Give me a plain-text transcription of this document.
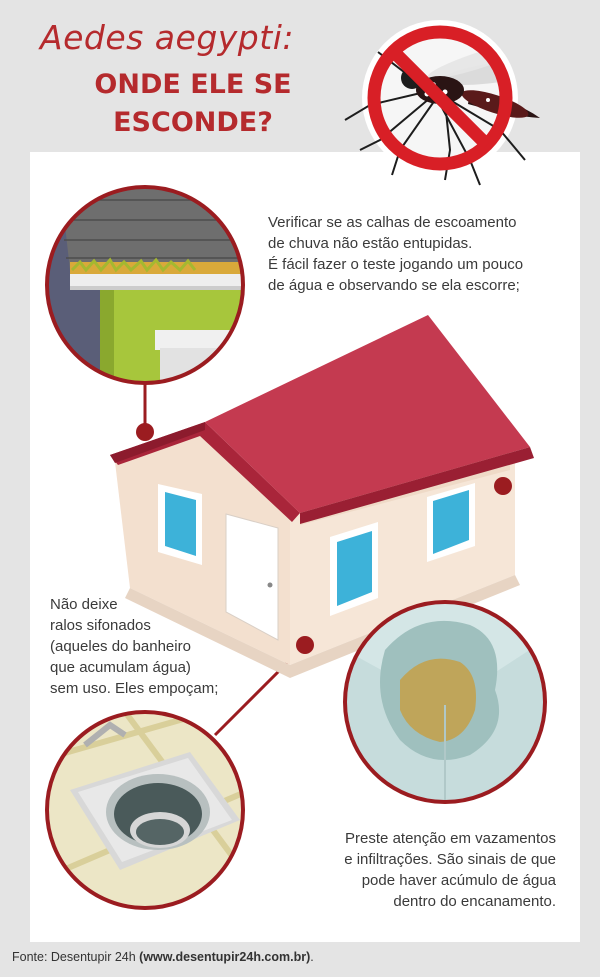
Aedes aegypti:
ONDE ELE SE
ESCONDE?

Verificar se as calhas de escoamento
de chuva não estão entupidas.
É fácil fazer o teste jogando um pouco
de água e observando se ela escorre;

Não deixe
ralos sifonados
(aqueles do banheiro
que acumulam água)
sem uso. Eles empoçam;

Preste atenção em vazamentos
e infiltrações. São sinais de que
pode haver acúmulo de água
dentro do encanamento.

Fonte: Desentupir 24h (www.desentupir24h.com.br).
